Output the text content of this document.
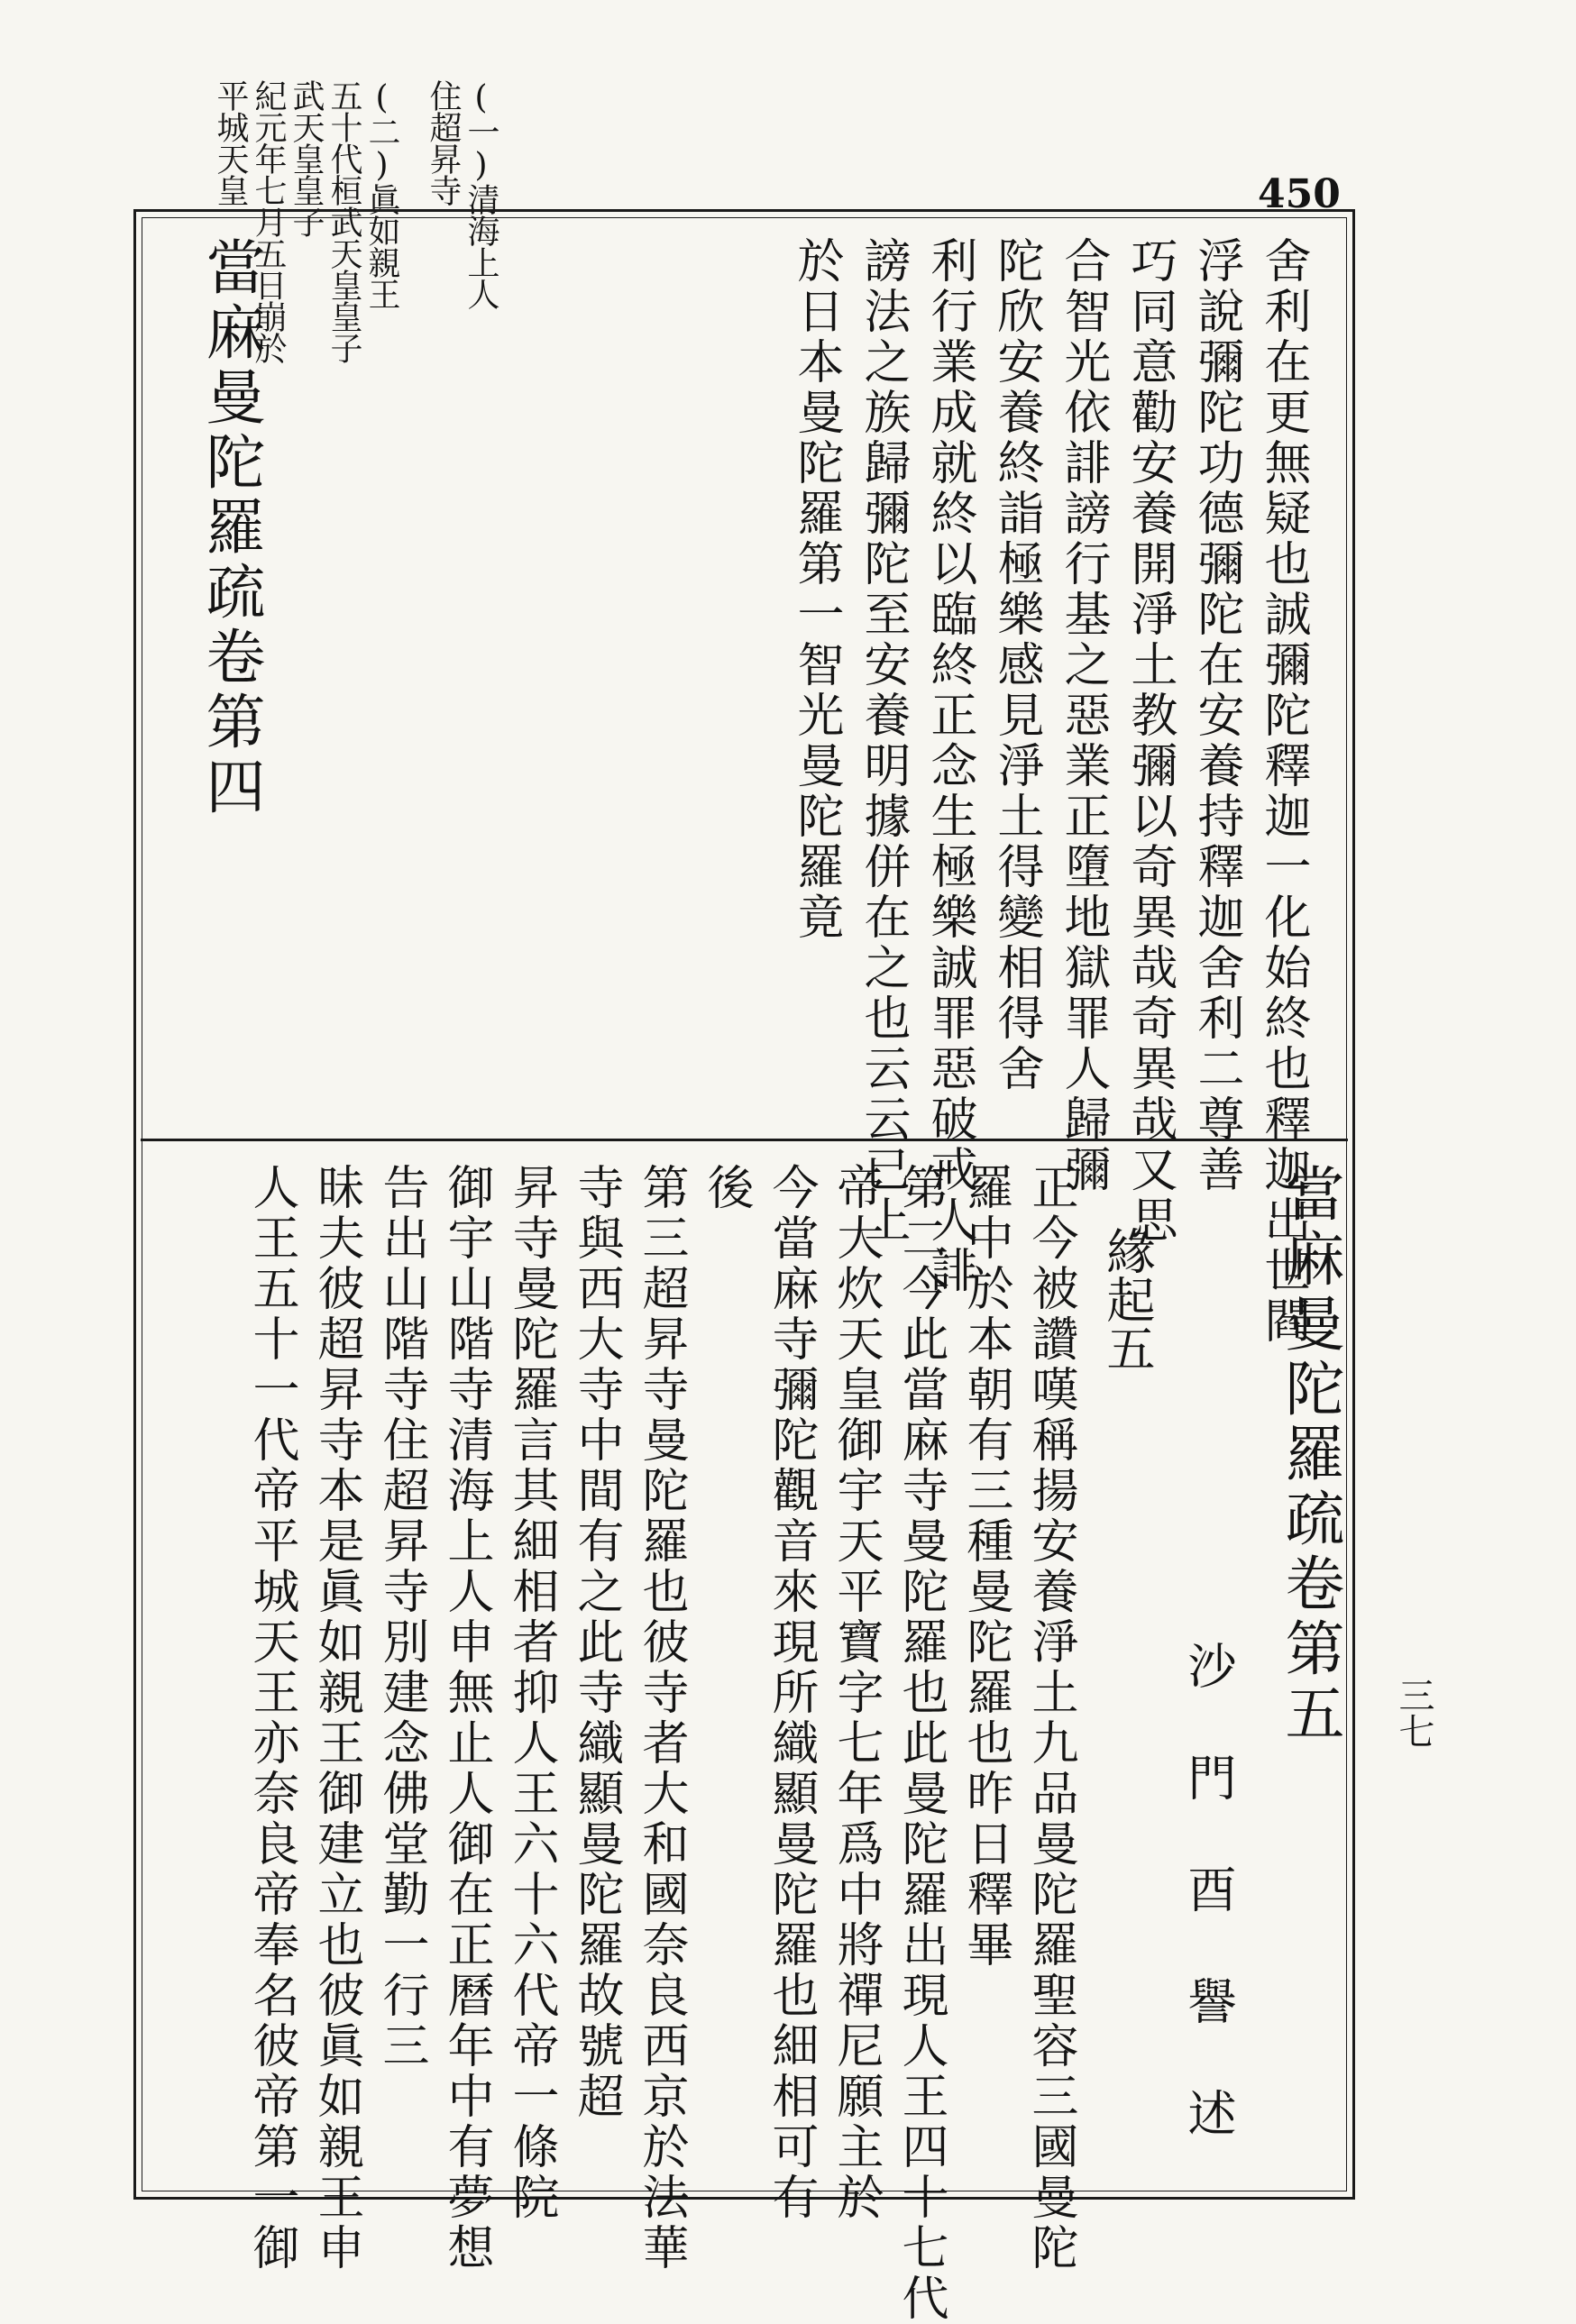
(一)清海上人
住超昇寺
(二)眞如親王
五十代桓武天皇皇子
武天皇皇子
紀元年七月五日崩於
平城天皇	450
三七
舍利在更無疑也誠彌陀釋迦一化始終也釋迦出世閻
浮說彌陀功德彌陀在安養持釋迦舍利二尊善
巧同意勸安養開淨土教彌以奇異哉奇異哉又思
合智光依誹謗行基之惡業正墮地獄罪人歸彌
陀欣安養終詣極樂感見淨土得變相得舍
利行業成就終以臨終正念生極樂誠罪惡破戒人誹
謗法之族歸彌陀至安養明據併在之也云云已上
於日本曼陀羅第一智光曼陀羅竟
當麻曼陀羅疏卷第四
當麻曼陀羅疏卷第五
沙門酉譽述
緣起五
正今被讚嘆稱揚安養淨土九品曼陀羅聖容三國曼陀
羅中於本朝有三種曼陀羅也昨日釋畢
第二今此當麻寺曼陀羅也此曼陀羅出現人王四十七代
帝大炊天皇御宇天平寶字七年爲中將禪尼願主於
今當麻寺彌陀觀音來現所織顯曼陀羅也細相可有
後
第三超昇寺曼陀羅也彼寺者大和國奈良西京於法華
寺與西大寺中間有之此寺織顯曼陀羅故號超
昇寺曼陀羅言其細相者抑人王六十六代帝一條院
御宇山階寺清海上人申無止人御在正曆年中有夢想
告出山階寺住超昇寺別建念佛堂勤一行三
昧夫彼超昇寺本是眞如親王御建立也彼眞如親王申
人王五十一代帝平城天王亦奈良帝奉名彼帝第一御
